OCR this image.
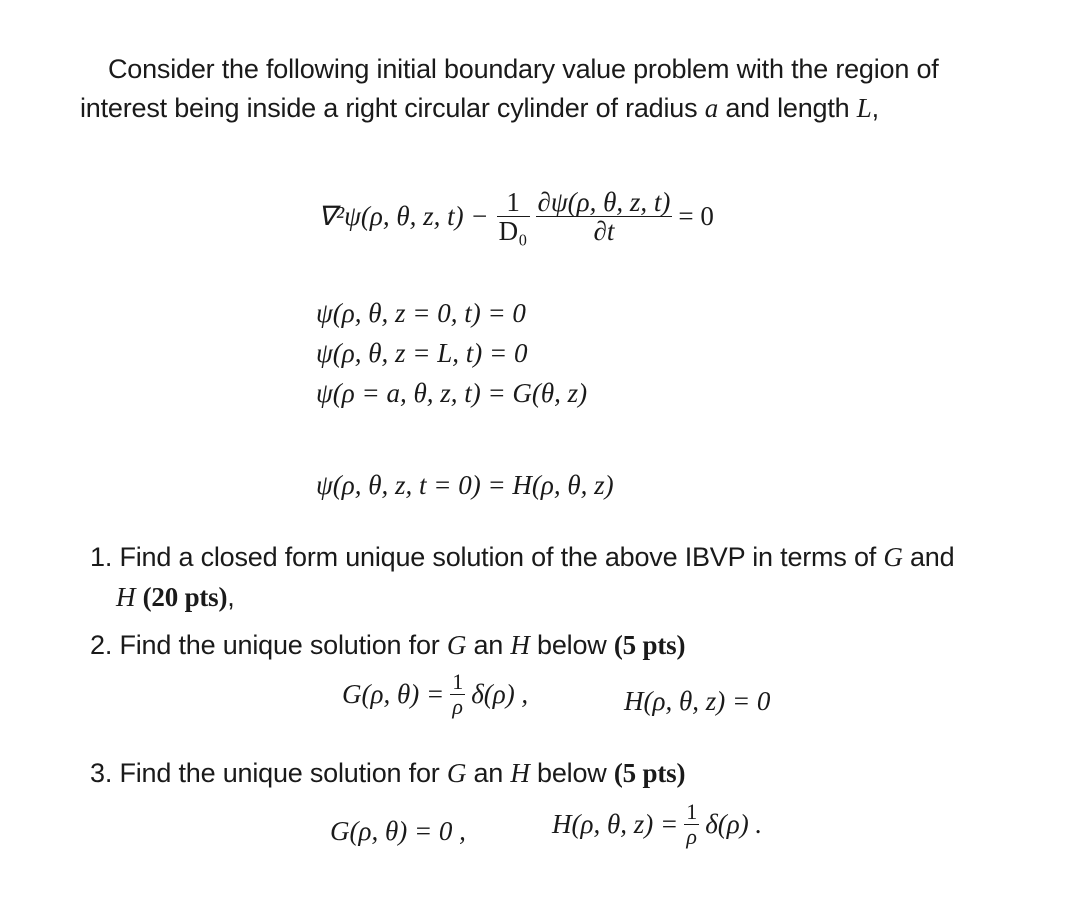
Consider the following initial boundary value problem with the region of
interest being inside a right circular cylinder of radius a and length L,
∇²ψ(ρ, θ, z, $t) - \frac{1}{\text{D₀}} \frac{\partial\psi(\rho, \theta, z, t)}{\partial t} = 0$
ψ(ρ, θ, z = 0, t) = 0
ψ(ρ, θ, z = L, t) = 0
ψ(ρ = a, θ, z, t) = G(θ, z)
ψ(ρ, θ, z, t = 0) = H(ρ, θ, z)
1. Find a closed form unique solution of the above IBVP in terms of G and
H (20 pts),
2. Find the unique solution for G an H below (5 pts)
G(ρ, $\theta) = \frac{1}{\rho} \delta(\rho)$ ,	H(ρ, θ, z) = 0
3. Find the unique solution for G an H below (5 pts)
G(ρ, θ) = 0 ,	H(ρ, θ, $z) = \frac{1}{\rho} \delta(\rho)$ .
